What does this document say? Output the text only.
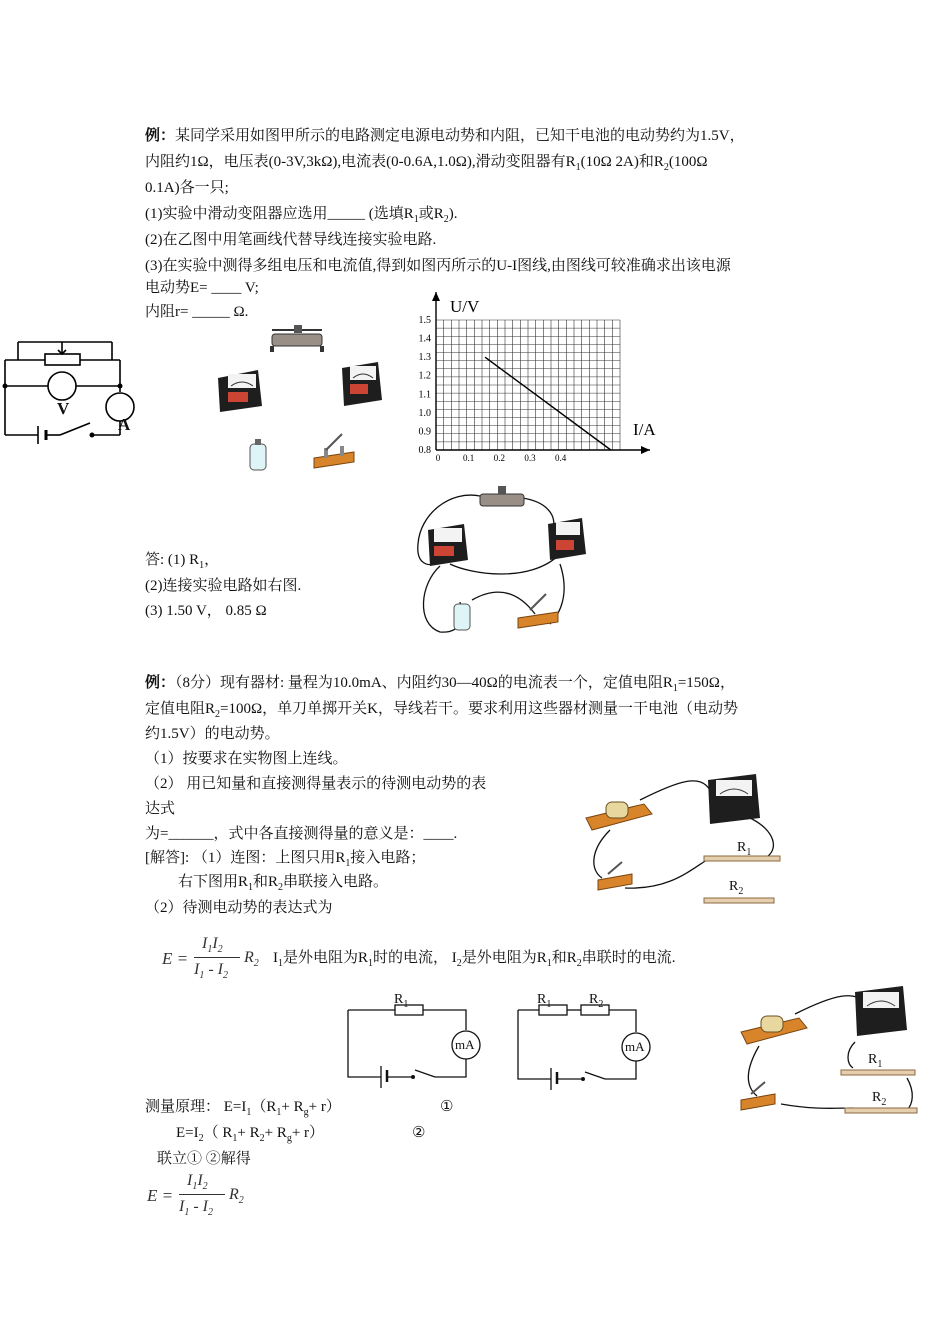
例：某同学采用如图甲所示的电路测定电源电动势和内阻，已知干电池的电动势约为1.5V，
内阻约1Ω，电压表(0-3V,3kΩ),电流表(0-0.6A,1.0Ω),滑动变阻器有$R_1(10\Omega$ 2A)和$R_2(100\Omega$
0.1A)各一只;
(1)实验中滑动变阻器应选用_____ (选填$R_1$或$R_2$).
(2)在乙图中用笔画线代替导线连接实验电路.
(3)在实验中测得多组电压和电流值,得到如图丙所示的U-I图线,由图线可较准确求出该电源
电动势E= ____ V;
内阻r= _____ Ω.
V
A
1.5
1.4
1.3
1.2
1.1
1.0
0.9
0.8
0	0.1 0.2 0.3 0.4
U/V
I/A
答: (1) $R_1$，
(2)连接实验电路如右图.
(3) 1.50 V， 0.85 Ω
例：（8分）现有器材: 量程为10.0mA、内阻约30—40Ω的电流表一个，定值电阻$R_1=150\Omega$，
定值电阻$R_2=100\Omega$，单刀单掷开关K，导线若干。要求利用这些器材测量一干电池（电动势
约1.5V）的电动势。
（1）按要求在实物图上连线。
（2） 用已知量和直接测得量表示的待测电动势的表
达式
为=______，式中各直接测得量的意义是：____.
[解答]: （1）连图：上图只用$R_1$接入电路；
右下图用$R_1$和$R_2$串联接入电路。
（2）待测电动势的表达式为
$R_1$
$R_2$
E =
$I_1I_2$
$I_1 - I_2$
$R_2$ $I_1$是外电阻为$R_1$时的电流， $I_2$是外电阻为$R_1$和$R_2$串联时的电流.
$R_1$
mA
$R_1$	$R_2$
mA
$R_1$
$R_2$
测量原理： $E=I_1(R_1+ R_g+ r)$	①
$E=I_2$（ $R_1+ R_2+ R_g+ r$）	②
联立① ②解得
E =
$I_1I_2$
$I_1 - I_2$
$R_2$
